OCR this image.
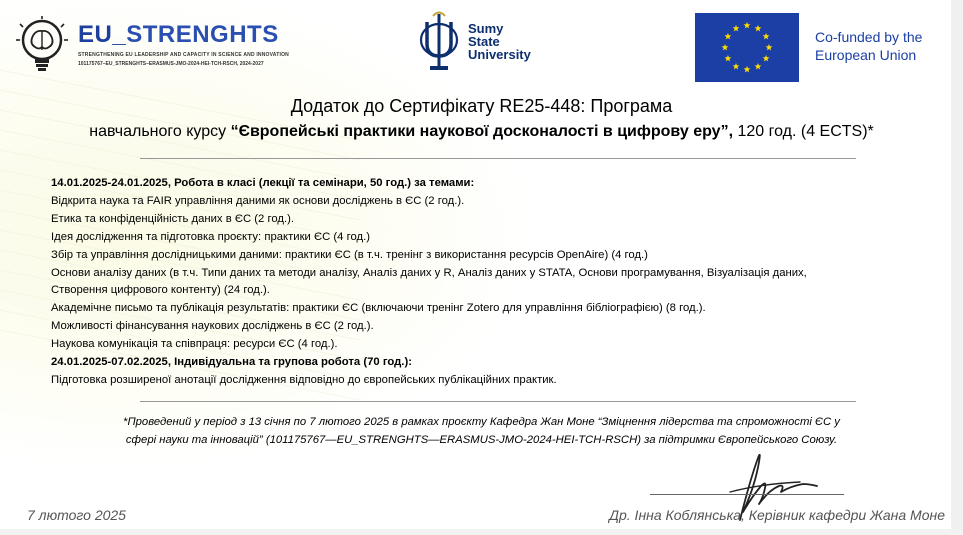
EU_STRENGHTS
STRENGTHENING EU LEADERSHIP AND CAPACITY IN SCIENCE AND INNOVATION
101175767–EU_STRENGHTS–ERASMUS-JMO-2024-HEI-TCH-RSCH, 2024-2027
Sumy
State
University
Co-funded by the
European Union
Додаток до Сертифікату RE25-448: Програма
навчального курсу “Європейські практики наукової досконалості в цифрову еру”, 120 год. (4 ECTS)*
14.01.2025-24.01.2025, Робота в класі (лекції та семінари, 50 год.) за темами:
Відкрита наука та FAIR управління даними як основи досліджень в ЄС (2 год.).
Етика та конфіденційність даних в ЄС (2 год.).
Ідея дослідження та підготовка проєкту: практики ЄС (4 год.)
Збір та управління дослідницькими даними: практики ЄС (в т.ч. тренінг з використання ресурсів OpenAire) (4 год.)
Основи аналізу даних (в т.ч. Типи даних та методи аналізу, Аналіз даних у R, Аналіз даних у STATA, Основи програмування, Візуалізація даних,
Створення цифрового контенту) (24 год.).
Академічне письмо та публікація результатів: практики ЄС (включаючи тренінг Zotero для управління бібліографією) (8 год.).
Можливості фінансування наукових досліджень в ЄС (2 год.).
Наукова комунікація та співпраця: ресурси ЄС (4 год.).
24.01.2025-07.02.2025, Індивідуальна та групова робота (70 год.):
Підготовка розширеної анотації дослідження відповідно до європейських публікаційних практик.
*Проведений у період з 13 січня по 7 лютого 2025 в рамках проєкту Кафедра Жан Моне “Зміцнення лідерства та спроможності ЄС у
сфері науки та інновацій” (101175767—EU_STRENGHTS—ERASMUS-JMO-2024-HEI-TCH-RSCH) за підтримки Європейського Союзу.
7 лютого 2025	Др. Інна Коблянська, Керівник кафедри Жана Моне
